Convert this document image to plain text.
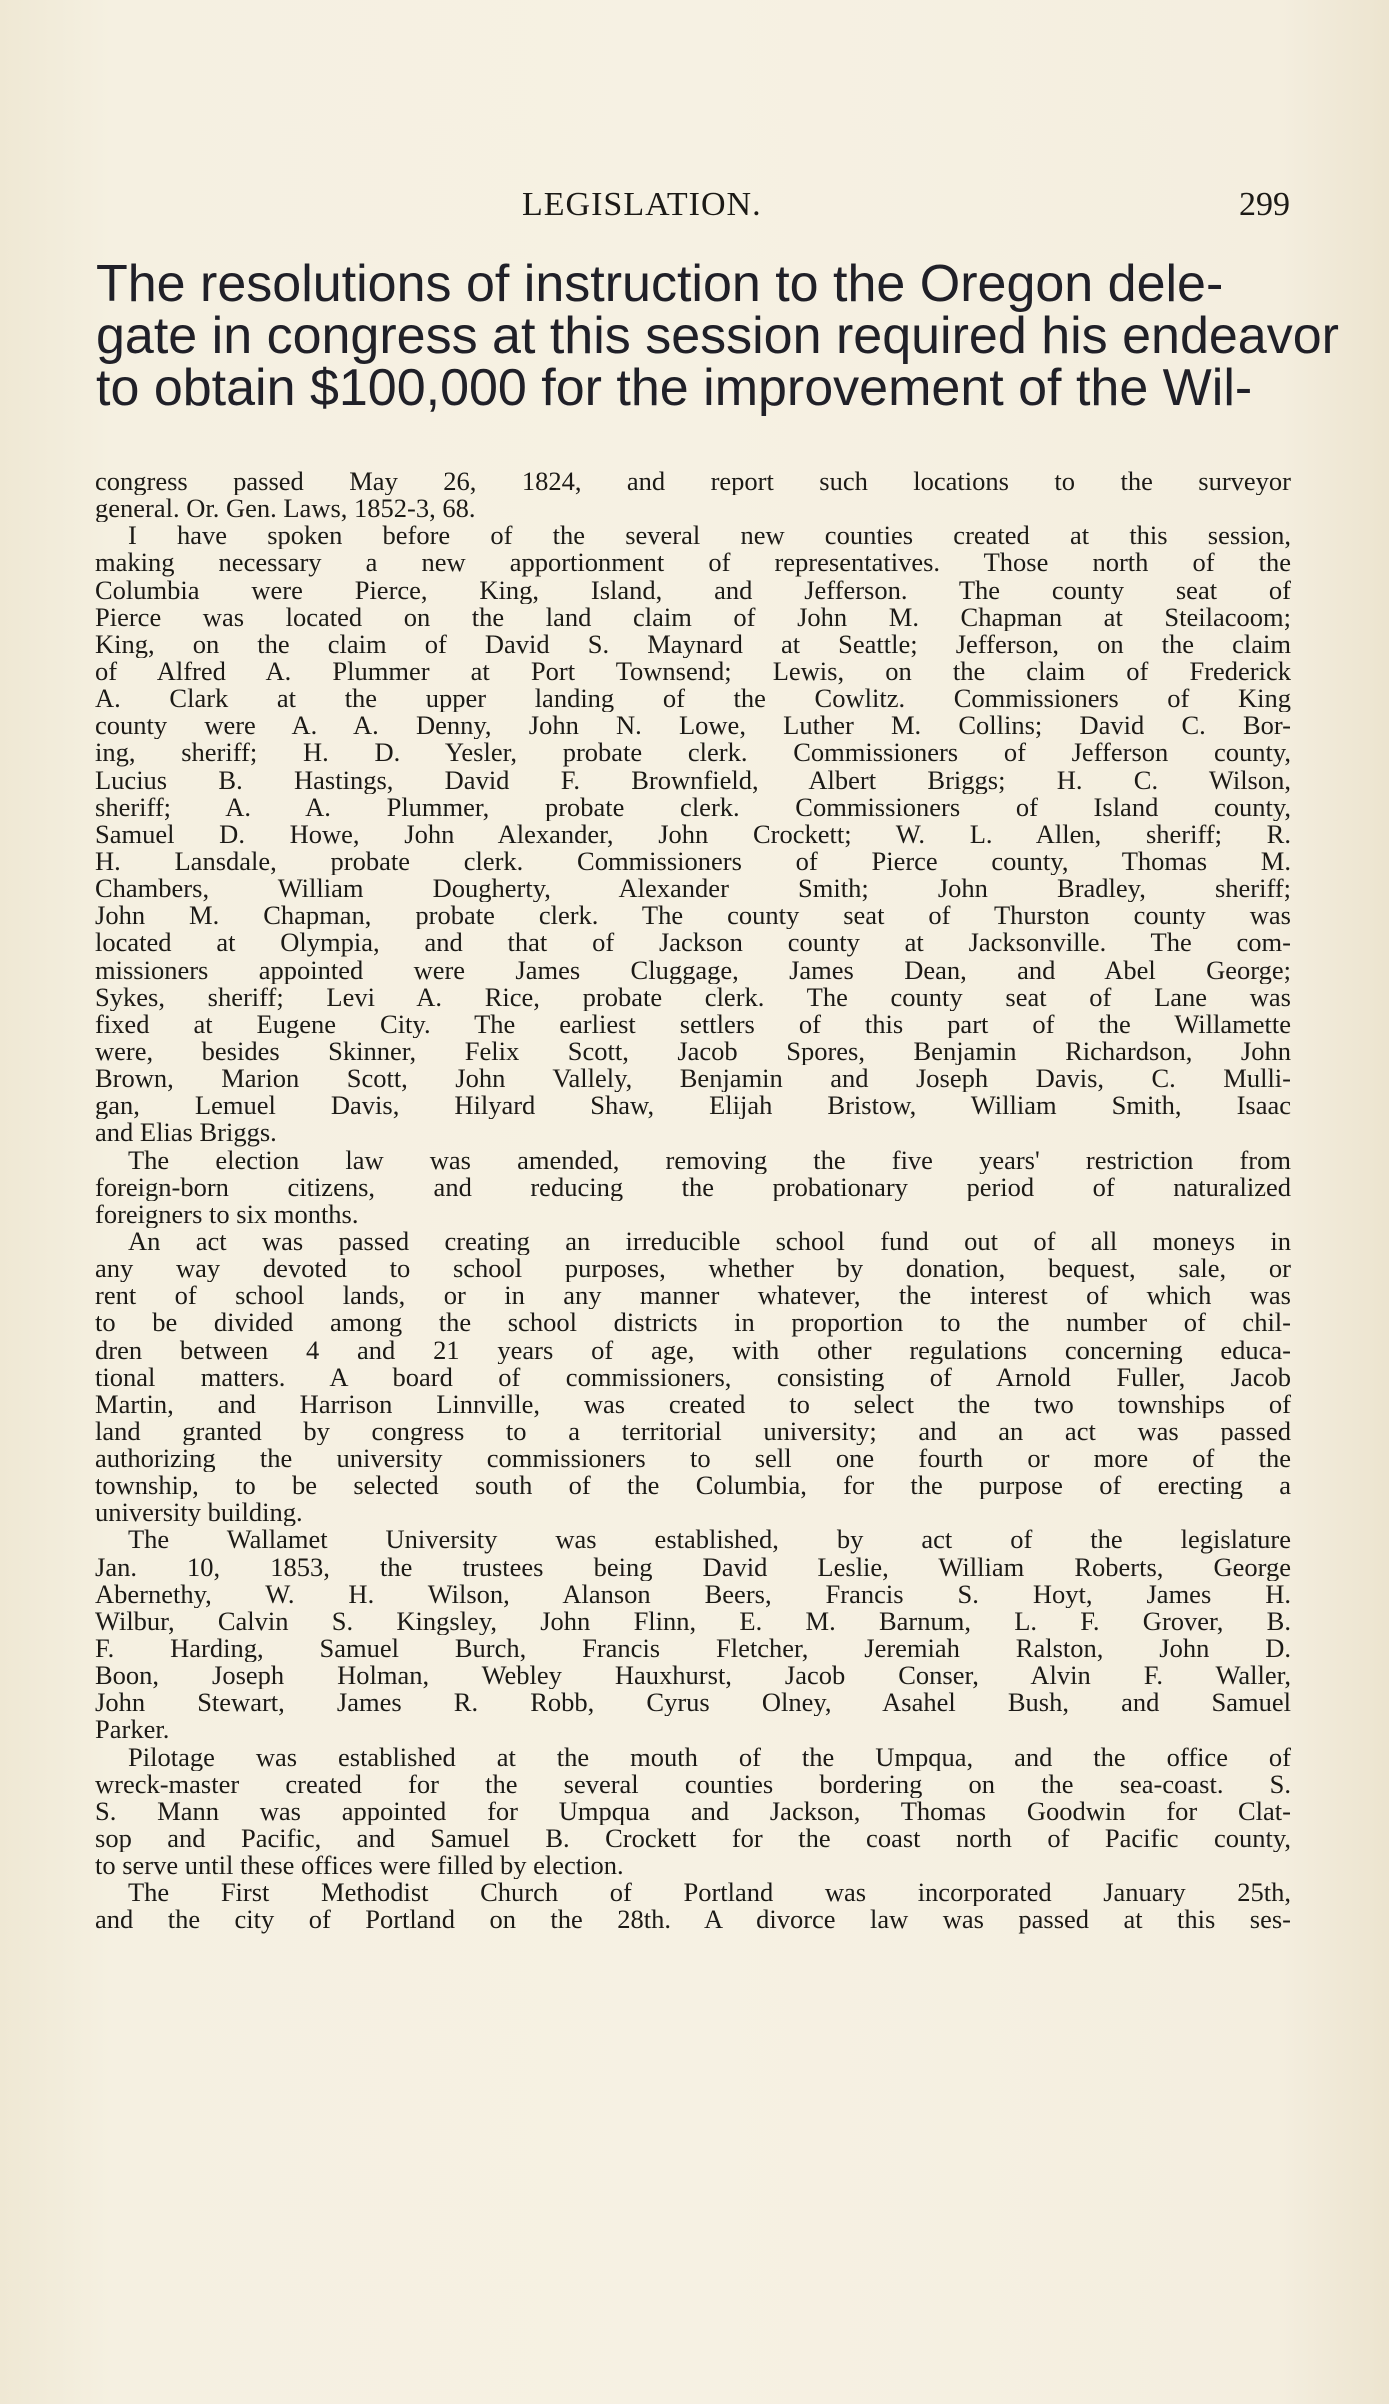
LEGISLATION.	299
The resolutions of instruction to the Oregon dele-
gate in congress at this session required his endeavor
to obtain $100,000 for the improvement of the Wil-
congress passed May 26, 1824, and report such locations to the surveyor
general. Or. Gen. Laws, 1852-3, 68.
I have spoken before of the several new counties created at this session,
making necessary a new apportionment of representatives. Those north of the
Columbia were Pierce, King, Island, and Jefferson. The county seat of
Pierce was located on the land claim of John M. Chapman at Steilacoom;
King, on the claim of David S. Maynard at Seattle; Jefferson, on the claim
of Alfred A. Plummer at Port Townsend; Lewis, on the claim of Frederick
A. Clark at the upper landing of the Cowlitz. Commissioners of King
county were A. A. Denny, John N. Lowe, Luther M. Collins; David C. Bor-
ing, sheriff; H. D. Yesler, probate clerk. Commissioners of Jefferson county,
Lucius B. Hastings, David F. Brownfield, Albert Briggs; H. C. Wilson,
sheriff; A. A. Plummer, probate clerk. Commissioners of Island county,
Samuel D. Howe, John Alexander, John Crockett; W. L. Allen, sheriff; R.
H. Lansdale, probate clerk. Commissioners of Pierce county, Thomas M.
Chambers, William Dougherty, Alexander Smith; John Bradley, sheriff;
John M. Chapman, probate clerk. The county seat of Thurston county was
located at Olympia, and that of Jackson county at Jacksonville. The com-
missioners appointed were James Cluggage, James Dean, and Abel George;
Sykes, sheriff; Levi A. Rice, probate clerk. The county seat of Lane was
fixed at Eugene City. The earliest settlers of this part of the Willamette
were, besides Skinner, Felix Scott, Jacob Spores, Benjamin Richardson, John
Brown, Marion Scott, John Vallely, Benjamin and Joseph Davis, C. Mulli-
gan, Lemuel Davis, Hilyard Shaw, Elijah Bristow, William Smith, Isaac
and Elias Briggs.
The election law was amended, removing the five years' restriction from
foreign-born citizens, and reducing the probationary period of naturalized
foreigners to six months.
An act was passed creating an irreducible school fund out of all moneys in
any way devoted to school purposes, whether by donation, bequest, sale, or
rent of school lands, or in any manner whatever, the interest of which was
to be divided among the school districts in proportion to the number of chil-
dren between 4 and 21 years of age, with other regulations concerning educa-
tional matters. A board of commissioners, consisting of Arnold Fuller, Jacob
Martin, and Harrison Linnville, was created to select the two townships of
land granted by congress to a territorial university; and an act was passed
authorizing the university commissioners to sell one fourth or more of the
township, to be selected south of the Columbia, for the purpose of erecting a
university building.
The Wallamet University was established, by act of the legislature
Jan. 10, 1853, the trustees being David Leslie, William Roberts, George
Abernethy, W. H. Wilson, Alanson Beers, Francis S. Hoyt, James H.
Wilbur, Calvin S. Kingsley, John Flinn, E. M. Barnum, L. F. Grover, B.
F. Harding, Samuel Burch, Francis Fletcher, Jeremiah Ralston, John D.
Boon, Joseph Holman, Webley Hauxhurst, Jacob Conser, Alvin F. Waller,
John Stewart, James R. Robb, Cyrus Olney, Asahel Bush, and Samuel
Parker.
Pilotage was established at the mouth of the Umpqua, and the office of
wreck-master created for the several counties bordering on the sea-coast. S.
S. Mann was appointed for Umpqua and Jackson, Thomas Goodwin for Clat-
sop and Pacific, and Samuel B. Crockett for the coast north of Pacific county,
to serve until these offices were filled by election.
The First Methodist Church of Portland was incorporated January 25th,
and the city of Portland on the 28th. A divorce law was passed at this ses-
